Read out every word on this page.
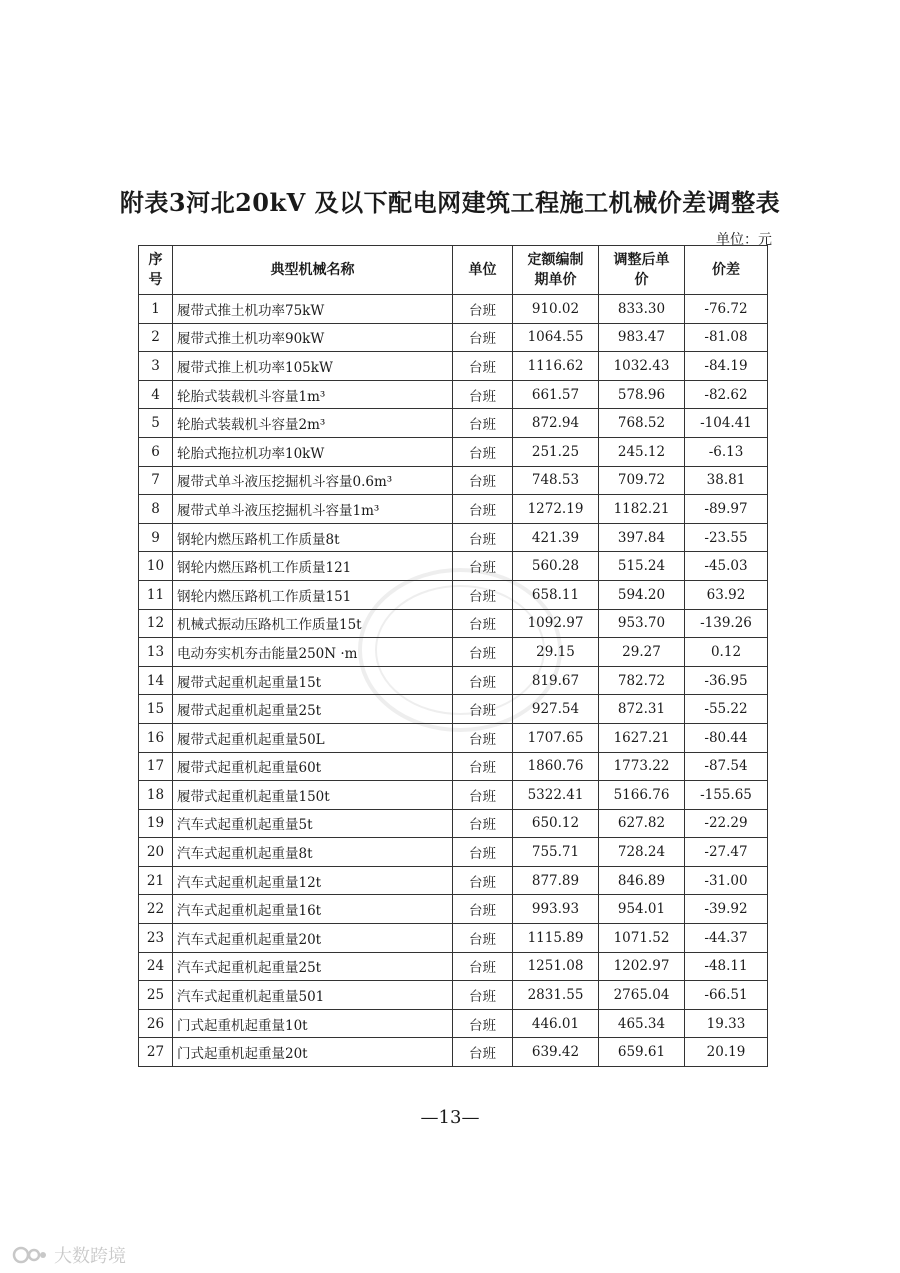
附表3河北20kV 及以下配电网建筑工程施工机械价差调整表
单位：元
序号	典型机械名称	单位	定额编制期单价	调整后单价	价差
1	履带式推土机功率75kW	台班	910.02	833.30	-76.72
2	履带式推土机功率90kW	台班	1064.55	983.47	-81.08
3	履带式推上机功率105kW	台班	1116.62	1032.43	-84.19
4	轮胎式装载机斗容量1m³	台班	661.57	578.96	-82.62
5	轮胎式装载机斗容量2m³	台班	872.94	768.52	-104.41
6	轮胎式拖拉机功率10kW	台班	251.25	245.12	-6.13
7	履带式单斗液压挖掘机斗容量0.6m³	台班	748.53	709.72	38.81
8	履带式单斗液压挖掘机斗容量1m³	台班	1272.19	1182.21	-89.97
9	钢轮内燃压路机工作质量8t	台班	421.39	397.84	-23.55
10	钢轮内燃压路机工作质量121	台班	560.28	515.24	-45.03
11	钢轮内燃压路机工作质量151	台班	658.11	594.20	63.92
12	机械式振动压路机工作质量15t	台班	1092.97	953.70	-139.26
13	电动夯实机夯击能量250N ·m	台班	29.15	29.27	0.12
14	履带式起重机起重量15t	台班	819.67	782.72	-36.95
15	履带式起重机起重量25t	台班	927.54	872.31	-55.22
16	履带式起重机起重量50L	台班	1707.65	1627.21	-80.44
17	履带式起重机起重量60t	台班	1860.76	1773.22	-87.54
18	履带式起重机起重量150t	台班	5322.41	5166.76	-155.65
19	汽车式起重机起重量5t	台班	650.12	627.82	-22.29
20	汽车式起重机起重量8t	台班	755.71	728.24	-27.47
21	汽车式起重机起重量12t	台班	877.89	846.89	-31.00
22	汽车式起重机起重量16t	台班	993.93	954.01	-39.92
23	汽车式起重机起重量20t	台班	1115.89	1071.52	-44.37
24	汽车式起重机起重量25t	台班	1251.08	1202.97	-48.11
25	汽车式起重机起重量501	台班	2831.55	2765.04	-66.51
26	门式起重机起重量10t	台班	446.01	465.34	19.33
27	门式起重机起重量20t	台班	639.42	659.61	20.19
—13—
大数跨境
